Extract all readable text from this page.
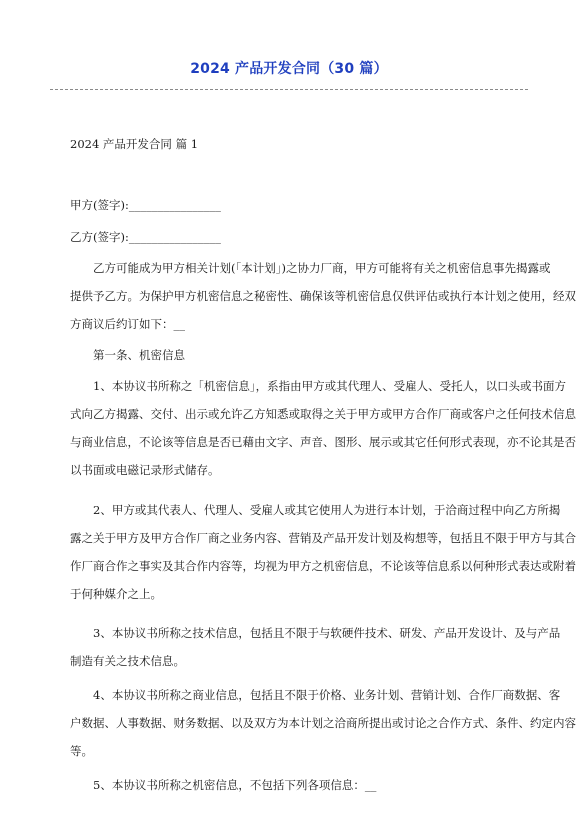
2024 产品开发合同（30 篇）
2024 产品开发合同 篇 1
甲方(签字):________________
乙方(签字):________________
乙方可能成为甲方相关计划(「本计划」)之协力厂商，甲方可能将有关之机密信息事先揭露或
提供予乙方。为保护甲方机密信息之秘密性、确保该等机密信息仅供评估或执行本计划之使用，经双
方商议后约订如下：__
第一条、机密信息
1、本协议书所称之「机密信息」，系指由甲方或其代理人、受雇人、受托人，以口头或书面方
式向乙方揭露、交付、出示或允许乙方知悉或取得之关于甲方或甲方合作厂商或客户之任何技术信息
与商业信息，不论该等信息是否已藉由文字、声音、图形、展示或其它任何形式表现，亦不论其是否
以书面或电磁记录形式储存。
2、甲方或其代表人、代理人、受雇人或其它使用人为进行本计划，于洽商过程中向乙方所揭
露之关于甲方及甲方合作厂商之业务内容、营销及产品开发计划及构想等，包括且不限于甲方与其合
作厂商合作之事实及其合作内容等，均视为甲方之机密信息，不论该等信息系以何种形式表达或附着
于何种媒介之上。
3、本协议书所称之技术信息，包括且不限于与软硬件技术、研发、产品开发设计、及与产品
制造有关之技术信息。
4、本协议书所称之商业信息，包括且不限于价格、业务计划、营销计划、合作厂商数据、客
户数据、人事数据、财务数据、以及双方为本计划之洽商所提出或讨论之合作方式、条件、约定内容
等。
5、本协议书所称之机密信息，不包括下列各项信息：__
